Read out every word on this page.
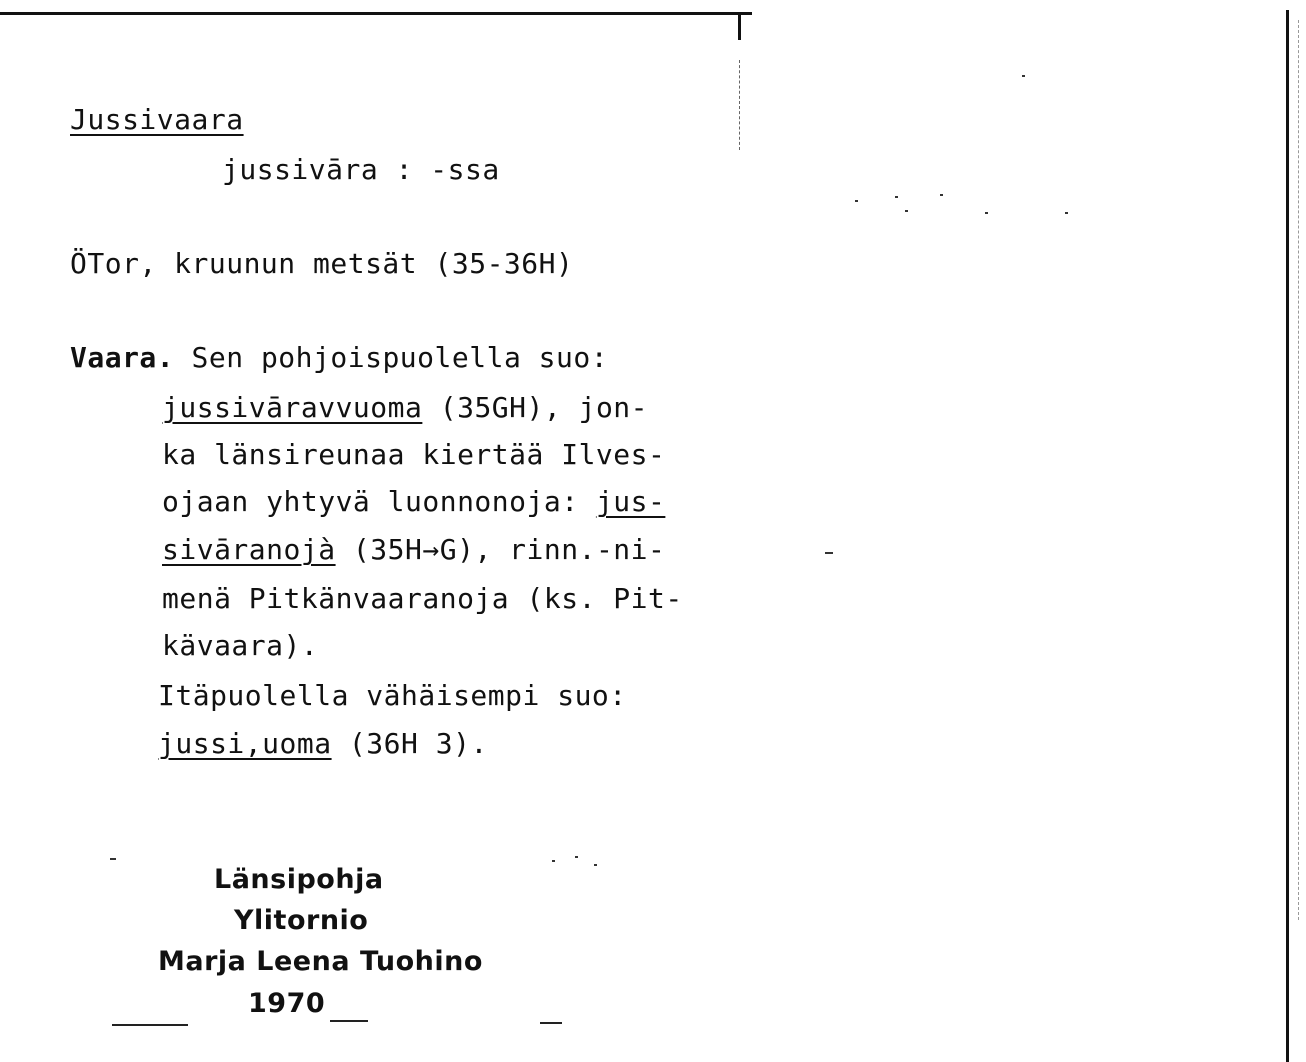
Jussivaara
jussivāra : -ssa
ÖTor, kruunun metsät (35-36H)
Vaara. Sen pohjoispuolella suo:
jussivāravvuoma (35GH), jon-
ka länsireunaa kiertää Ilves-
ojaan yhtyvä luonnonoja: jus-
sivāranojà (35H→G), rinn.-ni-
menä Pitkänvaaranoja (ks. Pit-
kävaara).
Itäpuolella vähäisempi suo:
jussi,uoma (36H 3).
Länsipohja
Ylitornio
Marja Leena Tuohino
1970
